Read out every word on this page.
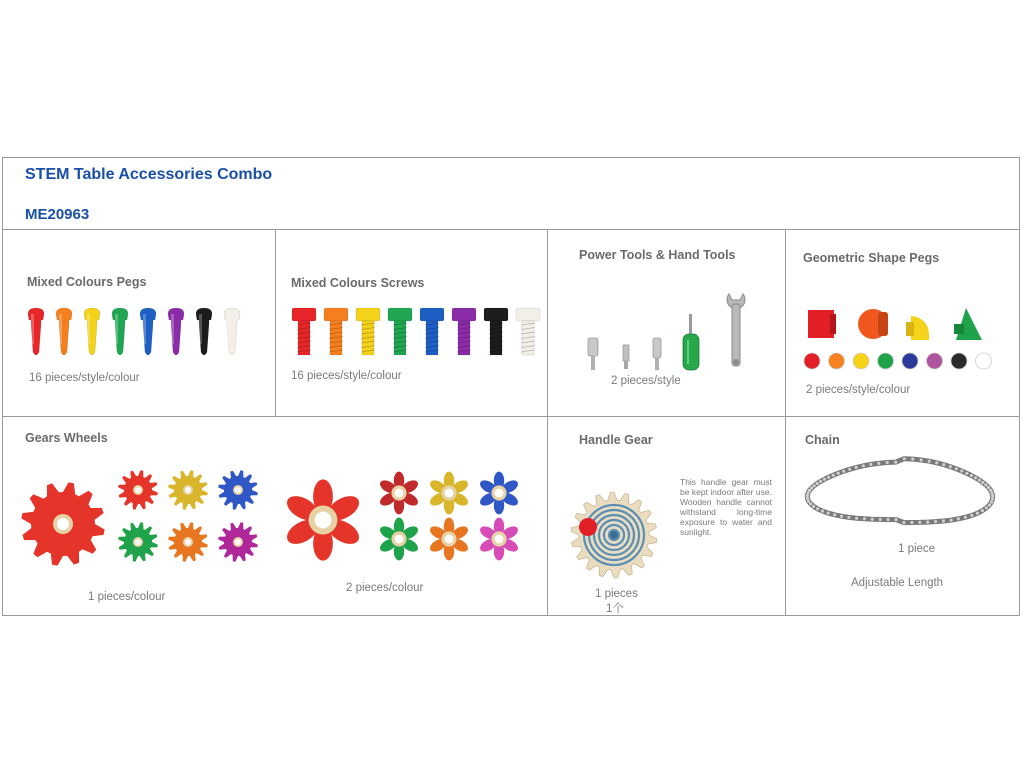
STEM Table Accessories Combo
ME20963
Mixed Colours Pegs
16 pieces/style/colour
Mixed Colours Screws
16 pieces/style/colour
Power Tools & Hand Tools
2 pieces/style
Geometric Shape Pegs
2 pieces/style/colour
Gears Wheels
1 pieces/colour
2 pieces/colour
Handle Gear
This handle gear must be kept indoor after use. Wooden handle cannot withstand long-time exposure to water and sunlight.
1 pieces
1个
Chain
1 piece
Adjustable Length
